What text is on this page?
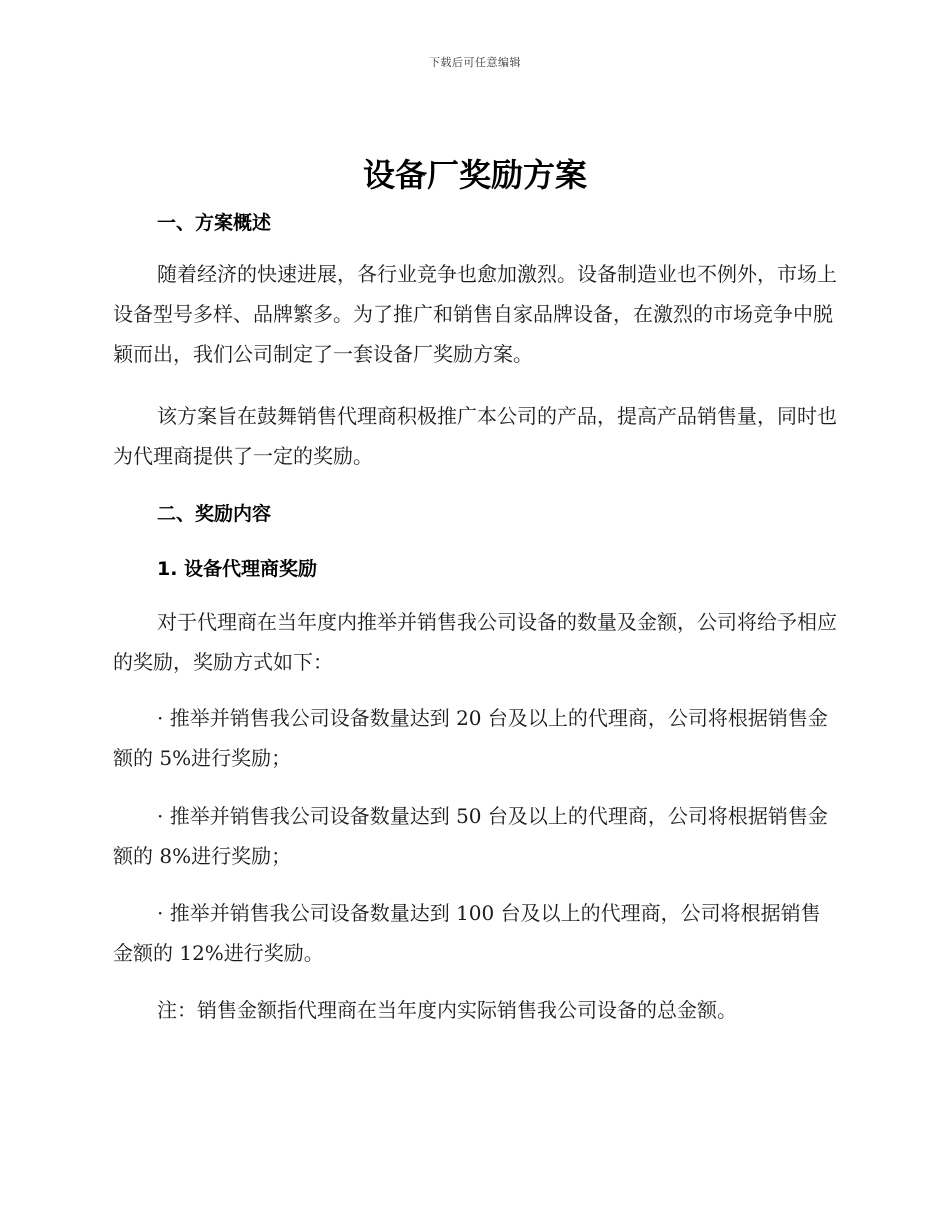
下载后可任意编辑
设备厂奖励方案
一、方案概述
随着经济的快速进展，各行业竞争也愈加激烈。设备制造业也不例外，市场上设备型号多样、品牌繁多。为了推广和销售自家品牌设备，在激烈的市场竞争中脱颖而出，我们公司制定了一套设备厂奖励方案。
该方案旨在鼓舞销售代理商积极推广本公司的产品，提高产品销售量，同时也为代理商提供了一定的奖励。
二、奖励内容
1. 设备代理商奖励
对于代理商在当年度内推举并销售我公司设备的数量及金额，公司将给予相应的奖励，奖励方式如下：
· 推举并销售我公司设备数量达到 20 台及以上的代理商，公司将根据销售金额的 5%进行奖励；
· 推举并销售我公司设备数量达到 50 台及以上的代理商，公司将根据销售金额的 8%进行奖励；
· 推举并销售我公司设备数量达到 100 台及以上的代理商，公司将根据销售金额的 12%进行奖励。
注：销售金额指代理商在当年度内实际销售我公司设备的总金额。
